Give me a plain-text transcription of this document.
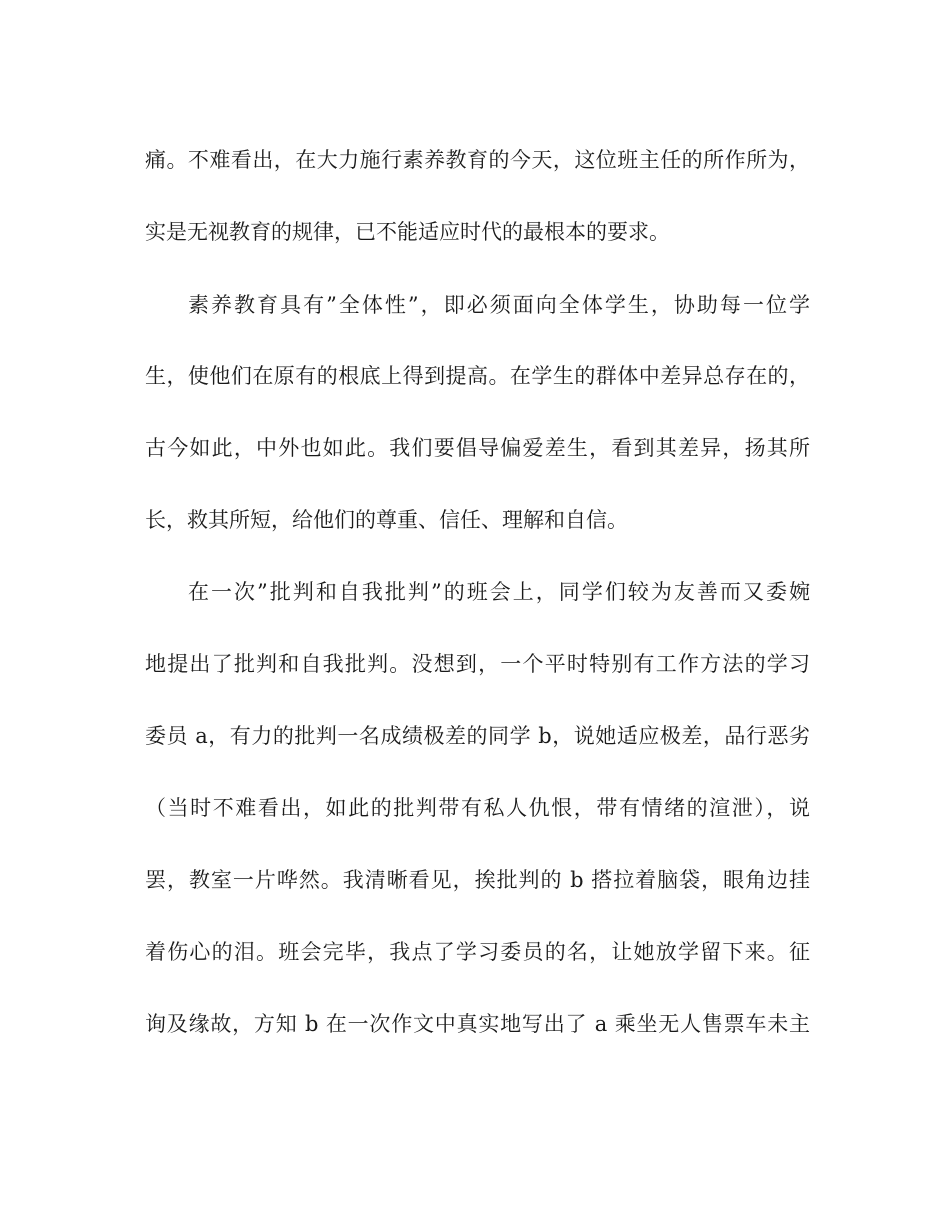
痛。不难看出，在大力施行素养教育的今天，这位班主任的所作所为，
实是无视教育的规律，已不能适应时代的最根本的要求。
素养教育具有”全体性”，即必须面向全体学生，协助每一位学
生，使他们在原有的根底上得到提高。在学生的群体中差异总存在的，
古今如此，中外也如此。我们要倡导偏爱差生，看到其差异，扬其所
长，救其所短，给他们的尊重、信任、理解和自信。
在一次”批判和自我批判”的班会上，同学们较为友善而又委婉
地提出了批判和自我批判。没想到，一个平时特别有工作方法的学习
委员 a，有力的批判一名成绩极差的同学 b，说她适应极差，品行恶劣
（当时不难看出，如此的批判带有私人仇恨，带有情绪的渲泄），说
罢，教室一片哗然。我清晰看见，挨批判的 b 搭拉着脑袋，眼角边挂
着伤心的泪。班会完毕，我点了学习委员的名，让她放学留下来。征
询及缘故，方知 b 在一次作文中真实地写出了 a 乘坐无人售票车未主
